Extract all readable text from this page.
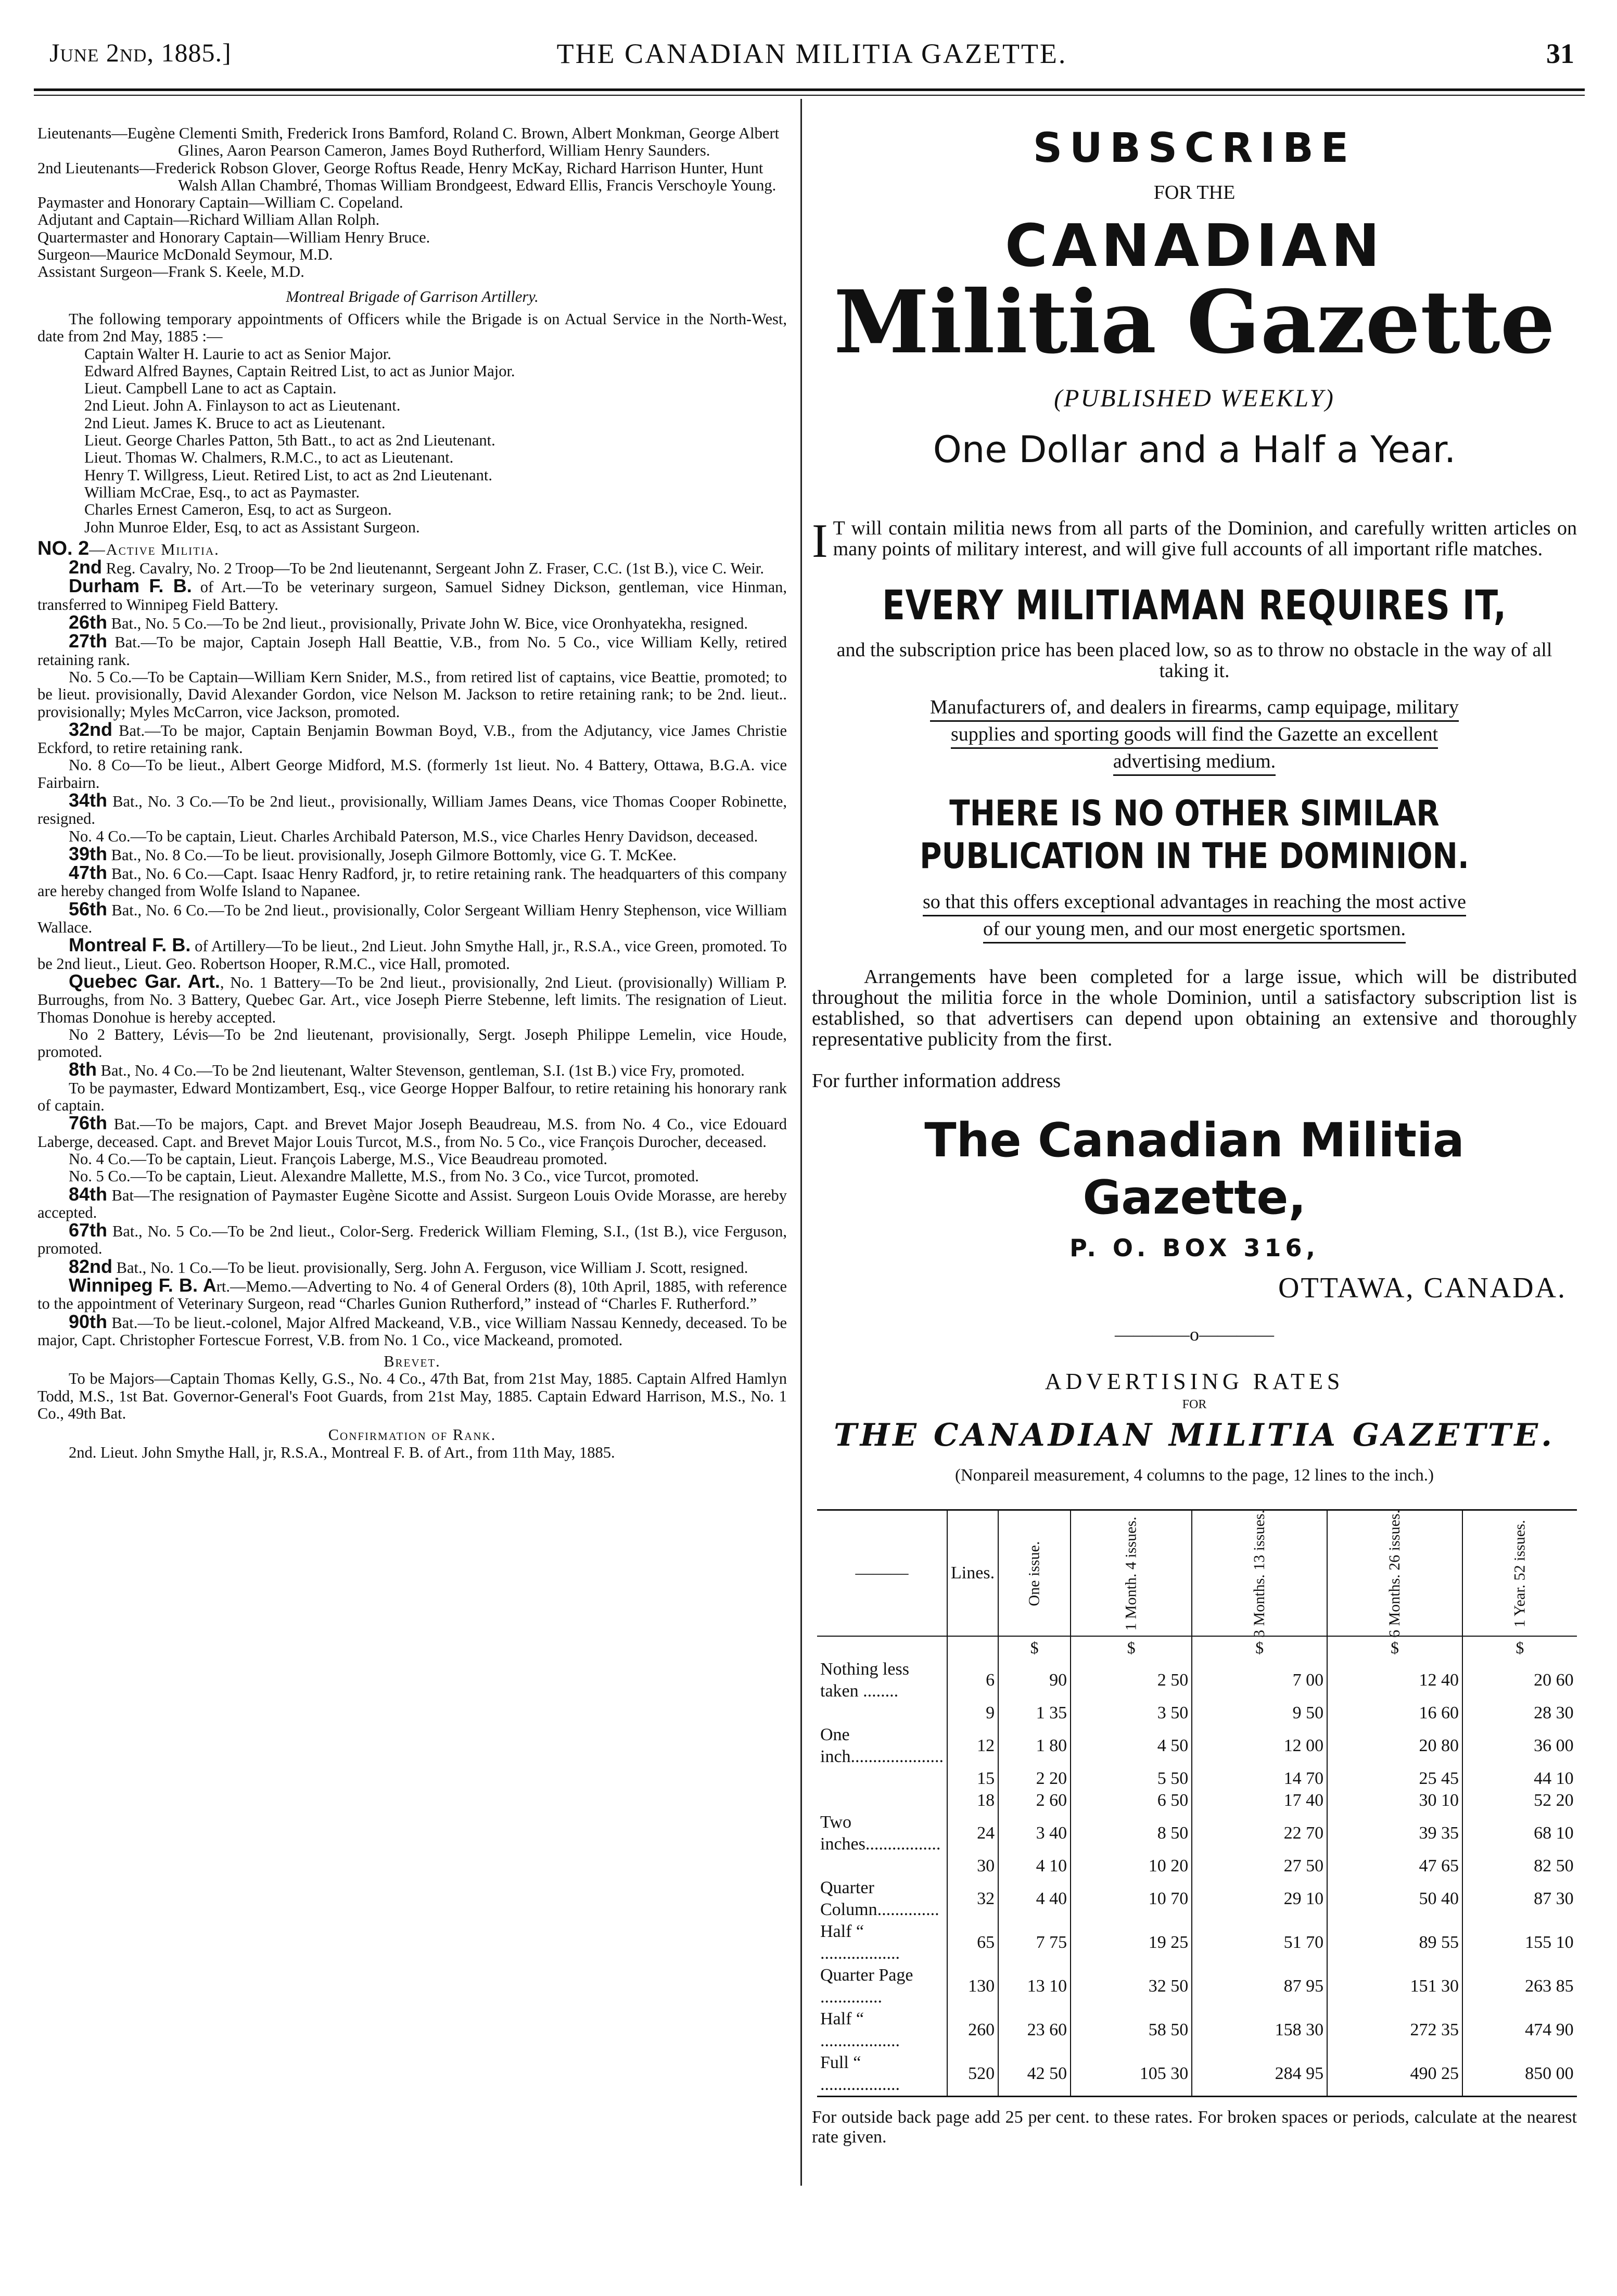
June 2nd, 1885.]	THE CANADIAN MILITIA GAZETTE.	31

Lieutenants—Eugène Clementi Smith, Frederick Irons Bamford, Roland C. Brown, Albert Monkman, George Albert Glines, Aaron Pearson Cameron, James Boyd Rutherford, William Henry Saunders.

2nd Lieutenants—Frederick Robson Glover, George Roftus Reade, Henry McKay, Richard Harrison Hunter, Hunt Walsh Allan Chambré, Thomas William Brondgeest, Edward Ellis, Francis Verschoyle Young.

Paymaster and Honorary Captain—William C. Copeland.

Adjutant and Captain—Richard William Allan Rolph.

Quartermaster and Honorary Captain—William Henry Bruce.

Surgeon—Maurice McDonald Seymour, M.D.

Assistant Surgeon—Frank S. Keele, M.D.

Montreal Brigade of Garrison Artillery.

The following temporary appointments of Officers while the Brigade is on Actual Service in the North-West, date from 2nd May, 1885 :—

Captain Walter H. Laurie to act as Senior Major.

Edward Alfred Baynes, Captain Reitred List, to act as Junior Major.

Lieut. Campbell Lane to act as Captain.

2nd Lieut. John A. Finlayson to act as Lieutenant.

2nd Lieut. James K. Bruce to act as Lieutenant.

Lieut. George Charles Patton, 5th Batt., to act as 2nd Lieutenant.

Lieut. Thomas W. Chalmers, R.M.C., to act as Lieutenant.

Henry T. Willgress, Lieut. Retired List, to act as 2nd Lieutenant.

William McCrae, Esq., to act as Paymaster.

Charles Ernest Cameron, Esq, to act as Surgeon.

John Munroe Elder, Esq, to act as Assistant Surgeon.

NO. 2—Active Militia.

2nd Reg. Cavalry, No. 2 Troop—To be 2nd lieutenannt, Sergeant John Z. Fraser, C.C. (1st B.), vice C. Weir.

Durham F. B. of Art.—To be veterinary surgeon, Samuel Sidney Dickson, gentleman, vice Hinman, transferred to Winnipeg Field Battery.

26th Bat., No. 5 Co.—To be 2nd lieut., provisionally, Private John W. Bice, vice Oronhyatekha, resigned.

27th Bat.—To be major, Captain Joseph Hall Beattie, V.B., from No. 5 Co., vice William Kelly, retired retaining rank.

No. 5 Co.—To be Captain—William Kern Snider, M.S., from retired list of captains, vice Beattie, promoted; to be lieut. provisionally, David Alexander Gordon, vice Nelson M. Jackson to retire retaining rank; to be 2nd. lieut.. provisionally; Myles McCarron, vice Jackson, promoted.

32nd Bat.—To be major, Captain Benjamin Bowman Boyd, V.B., from the Adjutancy, vice James Christie Eckford, to retire retaining rank.

No. 8 Co—To be lieut., Albert George Midford, M.S. (formerly 1st lieut. No. 4 Battery, Ottawa, B.G.A. vice Fairbairn.

34th Bat., No. 3 Co.—To be 2nd lieut., provisionally, William James Deans, vice Thomas Cooper Robinette, resigned.

No. 4 Co.—To be captain, Lieut. Charles Archibald Paterson, M.S., vice Charles Henry Davidson, deceased.

39th Bat., No. 8 Co.—To be lieut. provisionally, Joseph Gilmore Bottomly, vice G. T. McKee.

47th Bat., No. 6 Co.—Capt. Isaac Henry Radford, jr, to retire retaining rank. The headquarters of this company are hereby changed from Wolfe Island to Napanee.

56th Bat., No. 6 Co.—To be 2nd lieut., provisionally, Color Sergeant William Henry Stephenson, vice William Wallace.

Montreal F. B. of Artillery—To be lieut., 2nd Lieut. John Smythe Hall, jr., R.S.A., vice Green, promoted. To be 2nd lieut., Lieut. Geo. Robertson Hooper, R.M.C., vice Hall, promoted.

Quebec Gar. Art., No. 1 Battery—To be 2nd lieut., provisionally, 2nd Lieut. (provisionally) William P. Burroughs, from No. 3 Battery, Quebec Gar. Art., vice Joseph Pierre Stebenne, left limits. The resignation of Lieut. Thomas Donohue is hereby accepted.

No 2 Battery, Lévis—To be 2nd lieutenant, provisionally, Sergt. Joseph Philippe Lemelin, vice Houde, promoted.

8th Bat., No. 4 Co.—To be 2nd lieutenant, Walter Stevenson, gentleman, S.I. (1st B.) vice Fry, promoted.

To be paymaster, Edward Montizambert, Esq., vice George Hopper Balfour, to retire retaining his honorary rank of captain.

76th Bat.—To be majors, Capt. and Brevet Major Joseph Beaudreau, M.S. from No. 4 Co., vice Edouard Laberge, deceased. Capt. and Brevet Major Louis Turcot, M.S., from No. 5 Co., vice François Durocher, deceased.

No. 4 Co.—To be captain, Lieut. François Laberge, M.S., Vice Beaudreau promoted.

No. 5 Co.—To be captain, Lieut. Alexandre Mallette, M.S., from No. 3 Co., vice Turcot, promoted.

84th Bat—The resignation of Paymaster Eugène Sicotte and Assist. Surgeon Louis Ovide Morasse, are hereby accepted.

67th Bat., No. 5 Co.—To be 2nd lieut., Color-Serg. Frederick William Fleming, S.I., (1st B.), vice Ferguson, promoted.

82nd Bat., No. 1 Co.—To be lieut. provisionally, Serg. John A. Ferguson, vice William J. Scott, resigned.

Winnipeg F. B. Art.—Memo.—Adverting to No. 4 of General Orders (8), 10th April, 1885, with reference to the appointment of Veterinary Surgeon, read “Charles Gunion Rutherford,” instead of “Charles F. Rutherford.”

90th Bat.—To be lieut.-colonel, Major Alfred Mackeand, V.B., vice William Nassau Kennedy, deceased. To be major, Capt. Christopher Fortescue Forrest, V.B. from No. 1 Co., vice Mackeand, promoted.

Brevet.

To be Majors—Captain Thomas Kelly, G.S., No. 4 Co., 47th Bat, from 21st May, 1885. Captain Alfred Hamlyn Todd, M.S., 1st Bat. Governor-General's Foot Guards, from 21st May, 1885. Captain Edward Harrison, M.S., No. 1 Co., 49th Bat.

Confirmation of Rank.

2nd. Lieut. John Smythe Hall, jr, R.S.A., Montreal F. B. of Art., from 11th May, 1885.

SUBSCRIBE
FOR THE
CANADIAN
Militia Gazette
(PUBLISHED WEEKLY)
One Dollar and a Half a Year.

I T will contain militia news from all parts of the Dominion, and carefully written articles on many points of military interest, and will give full accounts of all important rifle matches.

EVERY MILITIAMAN REQUIRES IT,

and the subscription price has been placed low, so as to throw no obstacle in the way of all taking it.

Manufacturers of, and dealers in firearms, camp equipage, military
supplies and sporting goods will find the Gazette an excellent
advertising medium.
THERE IS NO OTHER SIMILAR PUBLICATION IN THE DOMINION.
so that this offers exceptional advantages in reaching the most active
of our young men, and our most energetic sportsmen.

Arrangements have been completed for a large issue, which will be distributed throughout the militia force in the whole Dominion, until a satisfactory subscription list is established, so that advertisers can depend upon obtaining an extensive and thoroughly representative publicity from the first.

For further information address

The Canadian Militia Gazette,
P. O. BOX 316,
OTTAWA, CANADA.
————o————
ADVERTISING RATES
FOR
THE CANADIAN MILITIA GAZETTE.
(Nonpareil measurement, 4 columns to the page, 12 lines to the inch.)
———	Lines.	One issue.	1 Month. 4 issues.	3 Months. 13 issues.	6 Months. 26 issues.	1 Year. 52 issues.
		$	$	$	$	$
Nothing less taken ........	6	90	2 50	7 00	12 40	20 60
	9	1 35	3 50	9 50	16 60	28 30
One inch.....................	12	1 80	4 50	12 00	20 80	36 00
	15	2 20	5 50	14 70	25 45	44 10
	18	2 60	6 50	17 40	30 10	52 20
Two inches.................	24	3 40	8 50	22 70	39 35	68 10
	30	4 10	10 20	27 50	47 65	82 50
Quarter Column..............	32	4 40	10 70	29 10	50 40	87 30
Half “ ..................	65	7 75	19 25	51 70	89 55	155 10
Quarter Page ..............	130	13 10	32 50	87 95	151 30	263 85
Half “ ..................	260	23 60	58 50	158 30	272 35	474 90
Full “ ..................	520	42 50	105 30	284 95	490 25	850 00

For outside back page add 25 per cent. to these rates. For broken spaces or periods, calculate at the nearest rate given.
